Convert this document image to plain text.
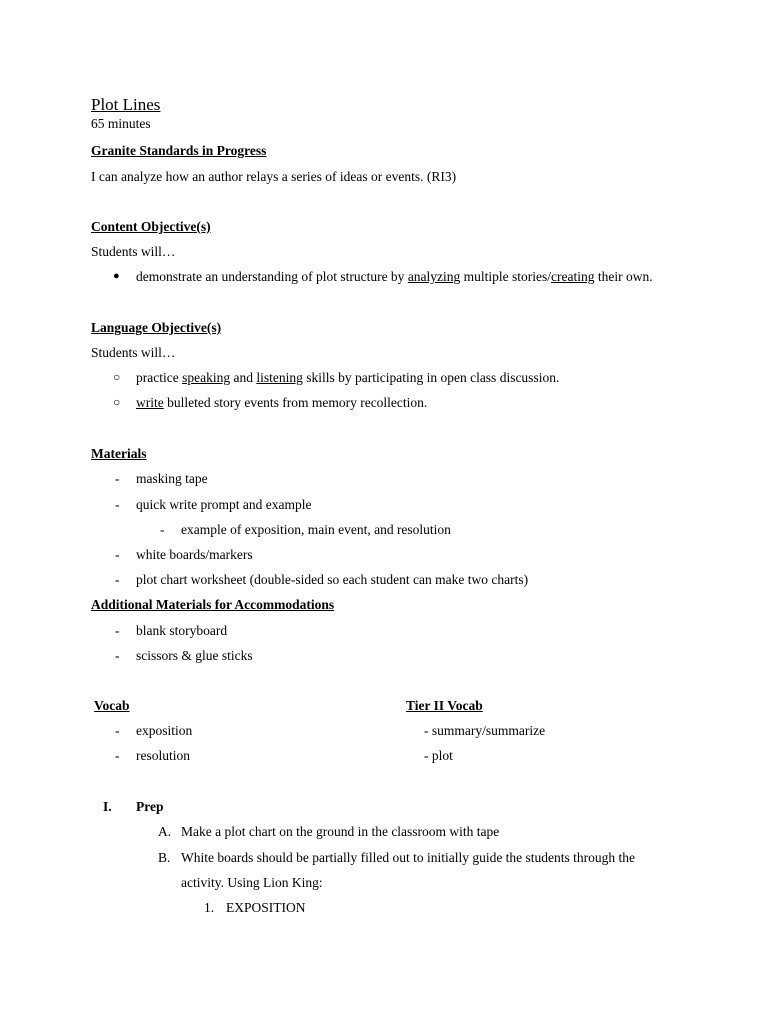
Plot Lines
65 minutes
Granite Standards in Progress
I can analyze how an author relays a series of ideas or events. (RI3)
Content Objective(s)
Students will…
● demonstrate an understanding of plot structure by analyzing multiple stories/creating their own.
Language Objective(s)
Students will…
○ practice speaking and listening skills by participating in open class discussion.
○ write bulleted story events from memory recollection.
Materials
- masking tape
- quick write prompt and example
- example of exposition, main event, and resolution
- white boards/markers
- plot chart worksheet (double-sided so each student can make two charts)
Additional Materials for Accommodations
- blank storyboard
- scissors & glue sticks
Vocab
- exposition
- resolution
Tier II Vocab
- summary/summarize
- plot
I. Prep
A. Make a plot chart on the ground in the classroom with tape
B. White boards should be partially filled out to initially guide the students through the
activity. Using Lion King:
1. EXPOSITION
